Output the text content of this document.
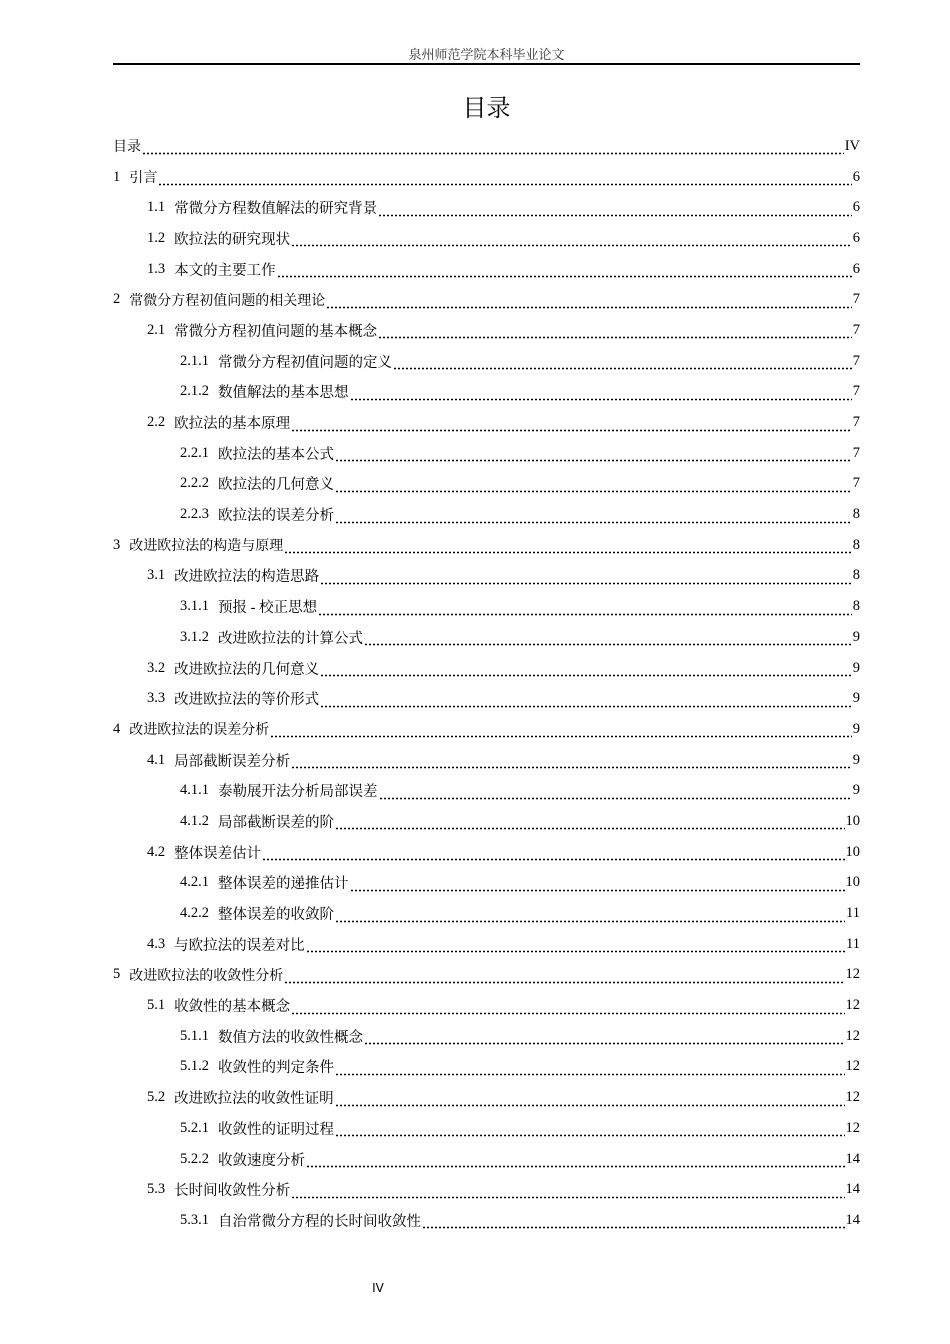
泉州师范学院本科毕业论文
目录
目录	IV
1 引言	6
1.1 常微分方程数值解法的研究背景	6
1.2 欧拉法的研究现状	6
1.3 本文的主要工作	6
2 常微分方程初值问题的相关理论	7
2.1 常微分方程初值问题的基本概念	7
2.1.1 常微分方程初值问题的定义	7
2.1.2 数值解法的基本思想	7
2.2 欧拉法的基本原理	7
2.2.1 欧拉法的基本公式	7
2.2.2 欧拉法的几何意义	7
2.2.3 欧拉法的误差分析	8
3 改进欧拉法的构造与原理	8
3.1 改进欧拉法的构造思路	8
3.1.1 预报 - 校正思想	8
3.1.2 改进欧拉法的计算公式	9
3.2 改进欧拉法的几何意义	9
3.3 改进欧拉法的等价形式	9
4 改进欧拉法的误差分析	9
4.1 局部截断误差分析	9
4.1.1 泰勒展开法分析局部误差	9
4.1.2 局部截断误差的阶	10
4.2 整体误差估计	10
4.2.1 整体误差的递推估计	10
4.2.2 整体误差的收敛阶	11
4.3 与欧拉法的误差对比	11
5 改进欧拉法的收敛性分析	12
5.1 收敛性的基本概念	12
5.1.1 数值方法的收敛性概念	12
5.1.2 收敛性的判定条件	12
5.2 改进欧拉法的收敛性证明	12
5.2.1 收敛性的证明过程	12
5.2.2 收敛速度分析	14
5.3 长时间收敛性分析	14
5.3.1 自治常微分方程的长时间收敛性	14
IV
